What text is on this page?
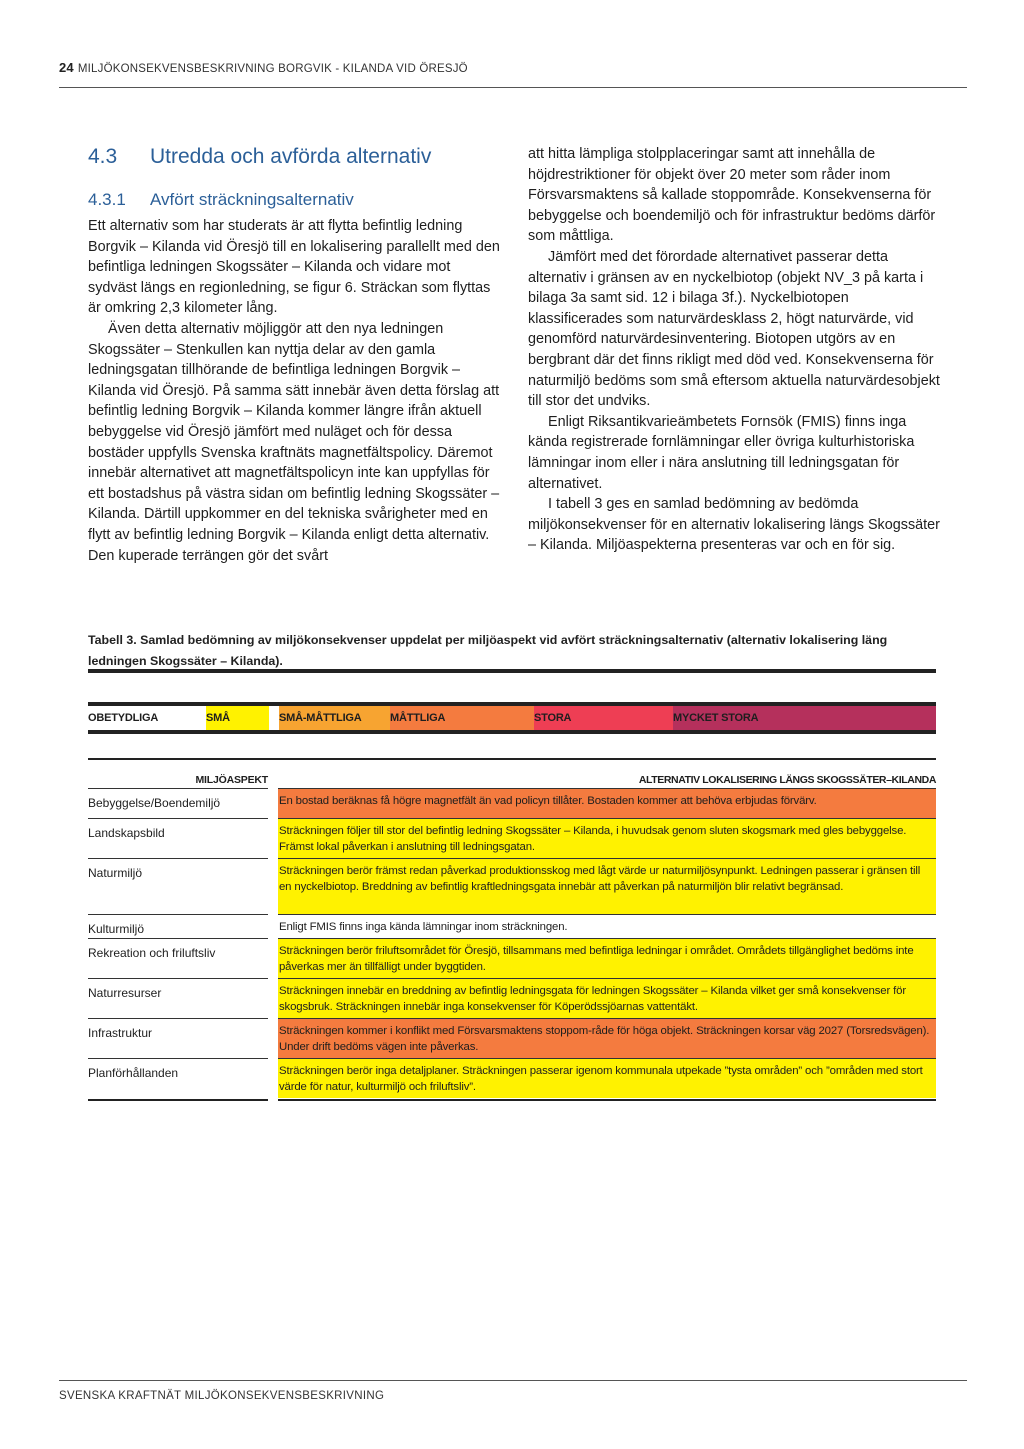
24 MILJÖKONSEKVENSBESKRIVNING BORGVIK - KILANDA VID ÖRESJÖ
4.3	Utredda och avförda alternativ
4.3.1	Avfört sträckningsalternativ

Ett alternativ som har studerats är att flytta befintlig ledning Borgvik – Kilanda vid Öresjö till en lokalisering parallellt med den befintliga ledningen Skogssäter – Kilanda och vidare mot sydväst längs en regionledning, se figur 6. Sträckan som flyttas är omkring 2,3 kilometer lång.

Även detta alternativ möjliggör att den nya ledningen Skogssäter – Stenkullen kan nyttja delar av den gamla ledningsgatan tillhörande de befintliga ledningen Borgvik – Kilanda vid Öresjö. På samma sätt innebär även detta förslag att befintlig ledning Borgvik – Kilanda kommer längre ifrån aktuell bebyggelse vid Öresjö jämfört med nuläget och för dessa bostäder uppfylls Svenska kraftnäts magnetfältspolicy. Däremot innebär alternativet att magnetfältspolicyn inte kan uppfyllas för ett bostadshus på västra sidan om befintlig ledning Skogssäter – Kilanda. Därtill uppkommer en del tekniska svårigheter med en flytt av befintlig ledning Borgvik – Kilanda enligt detta alternativ. Den kuperade terrängen gör det svårt

att hitta lämpliga stolpplaceringar samt att innehålla de höjdrestriktioner för objekt över 20 meter som råder inom Försvarsmaktens så kallade stoppområde. Konsekvenserna för bebyggelse och boendemiljö och för infrastruktur bedöms därför som måttliga.

Jämfört med det förordade alternativet passerar detta alternativ i gränsen av en nyckelbiotop (objekt NV_3 på karta i bilaga 3a samt sid. 12 i bilaga 3f.). Nyckelbiotopen klassificerades som naturvärdesklass 2, högt naturvärde, vid genomförd naturvärdesinventering. Biotopen utgörs av en bergbrant där det finns rikligt med död ved. Konsekvenserna för naturmiljö bedöms som små eftersom aktuella naturvärdesobjekt till stor det undviks.

Enligt Riksantikvarieämbetets Fornsök (FMIS) finns inga kända registrerade fornlämningar eller övriga kulturhistoriska lämningar inom eller i nära anslutning till ledningsgatan för alternativet.

I tabell 3 ges en samlad bedömning av bedömda miljökonsekvenser för en alternativ lokalisering längs Skogssäter – Kilanda. Miljöaspekterna presenteras var och en för sig.

Tabell 3. Samlad bedömning av miljökonsekvenser uppdelat per miljöaspekt vid avfört sträckningsalternativ (alternativ lokalisering läng ledningen Skogssäter – Kilanda).
OBETYDLIGA	SMÅ	SMÅ-MÅTTLIGA	MÅTTLIGA	STORA	MYCKET STORA
MILJÖASPEKT	ALTERNATIV LOKALISERING LÄNGS SKOGSSÄTER–KILANDA
Bebyggelse/Boendemiljö	En bostad beräknas få högre magnetfält än vad policyn tillåter. Bostaden kommer att behöva erbjudas förvärv.
Landskapsbild	Sträckningen följer till stor del befintlig ledning Skogssäter – Kilanda, i huvudsak genom sluten skogsmark med gles bebyggelse. Främst lokal påverkan i anslutning till ledningsgatan.
Naturmiljö	Sträckningen berör främst redan påverkad produktionsskog med lågt värde ur naturmiljösynpunkt. Ledningen passerar i gränsen till en nyckelbiotop. Breddning av befintlig kraftledningsgata innebär att påverkan på naturmiljön blir relativt begränsad.
Kulturmiljö	Enligt FMIS finns inga kända lämningar inom sträckningen.
Rekreation och friluftsliv	Sträckningen berör friluftsområdet för Öresjö, tillsammans med befintliga ledningar i området. Områdets tillgänglighet bedöms inte påverkas mer än tillfälligt under byggtiden.
Naturresurser	Sträckningen innebär en breddning av befintlig ledningsgata för ledningen Skogssäter – Kilanda vilket ger små konsekvenser för skogsbruk. Sträckningen innebär inga konsekvenser för Köperödssjöarnas vattentäkt.
Infrastruktur	Sträckningen kommer i konflikt med Försvarsmaktens stoppom-råde för höga objekt. Sträckningen korsar väg 2027 (Torsredsvägen). Under drift bedöms vägen inte påverkas.
Planförhållanden	Sträckningen berör inga detaljplaner. Sträckningen passerar igenom kommunala utpekade ”tysta områden” och ”områden med stort värde för natur, kulturmiljö och friluftsliv”.
SVENSKA KRAFTNÄT MILJÖKONSEKVENSBESKRIVNING
